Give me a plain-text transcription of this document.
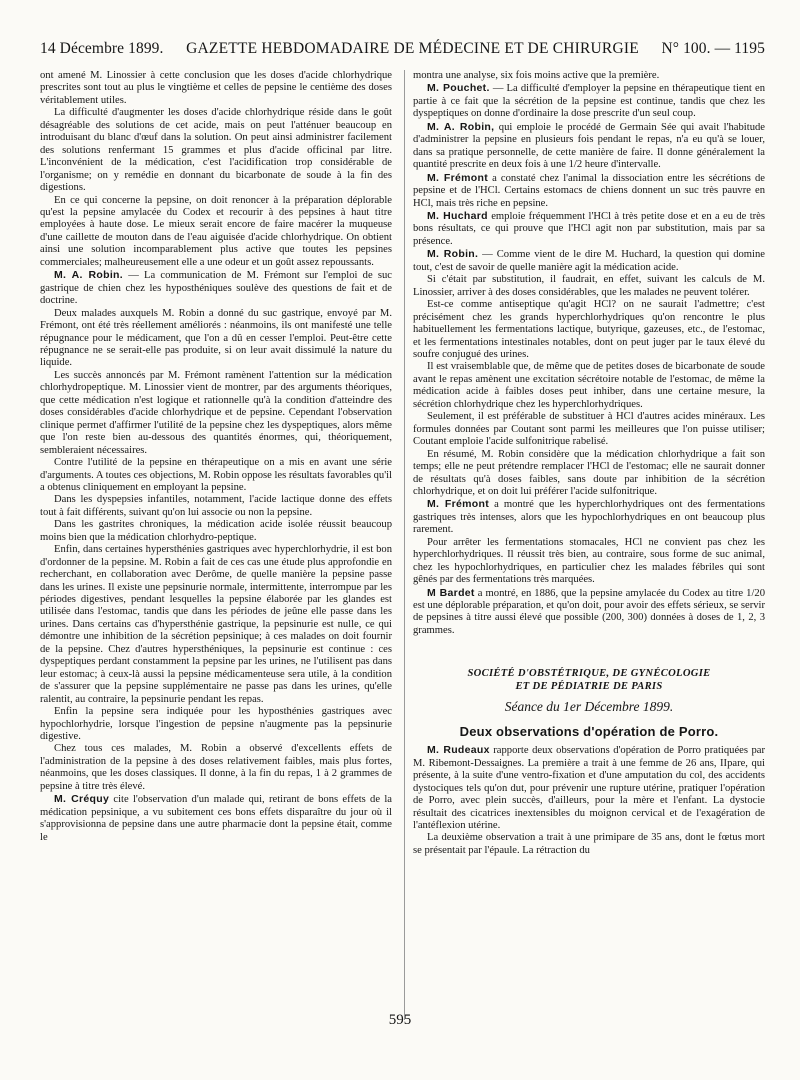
14 Décembre 1899. GAZETTE HEBDOMADAIRE DE MÉDECINE ET DE CHIRURGIE N° 100. — 1195

ont amené M. Linossier à cette conclusion que les doses d'acide chlorhydrique prescrites sont tout au plus le vingtième et celles de pepsine le centième des doses véritablement utiles.

La difficulté d'augmenter les doses d'acide chlorhydrique réside dans le goût désagréable des solutions de cet acide, mais on peut l'atténuer beaucoup en introduisant du blanc d'œuf dans la solution. On peut ainsi administrer facilement des solutions renfermant 15 grammes et plus d'acide officinal par litre. L'inconvénient de la médication, c'est l'acidification trop considérable de l'organisme; on y remédie en donnant du bicarbonate de soude à la fin des digestions.

En ce qui concerne la pepsine, on doit renoncer à la préparation déplorable qu'est la pepsine amylacée du Codex et recourir à des pepsines à haut titre employées à haute dose. Le mieux serait encore de faire macérer la muqueuse d'une caillette de mouton dans de l'eau aiguisée d'acide chlorhydrique. On obtient ainsi une solution incomparablement plus active que toutes les pepsines commerciales; malheureusement elle a une odeur et un goût assez repoussants.

M. A. Robin. — La communication de M. Frémont sur l'emploi de suc gastrique de chien chez les hyposthéniques soulève des questions de fait et de doctrine.

Deux malades auxquels M. Robin a donné du suc gastrique, envoyé par M. Frémont, ont été très réellement améliorés : néanmoins, ils ont manifesté une telle répugnance pour le médicament, que l'on a dû en cesser l'emploi. Peut-être cette répugnance ne se serait-elle pas produite, si on leur avait dissimulé la nature du liquide.

Les succès annoncés par M. Frémont ramènent l'attention sur la médication chlorhydropeptique. M. Linossier vient de montrer, par des arguments théoriques, que cette médication n'est logique et rationnelle qu'à la condition d'atteindre des doses considérables d'acide chlorhydrique et de pepsine. Cependant l'observation clinique permet d'affirmer l'utilité de la pepsine chez les dyspeptiques, alors même que l'on reste bien au-dessous des quantités énormes, qui, théoriquement, sembleraient nécessaires.

Contre l'utilité de la pepsine en thérapeutique on a mis en avant une série d'arguments. A toutes ces objections, M. Robin oppose les résultats favorables qu'il a obtenus cliniquement en employant la pepsine.

Dans les dyspepsies infantiles, notamment, l'acide lactique donne des effets tout à fait différents, suivant qu'on lui associe ou non la pepsine.

Dans les gastrites chroniques, la médication acide isolée réussit beaucoup moins bien que la médication chlorhydro-peptique.

Enfin, dans certaines hypersthénies gastriques avec hyperchlorhydrie, il est bon d'ordonner de la pepsine. M. Robin a fait de ces cas une étude plus approfondie en recherchant, en collaboration avec Derôme, de quelle manière la pepsine passe dans les urines. Il existe une pepsinurie normale, intermittente, interrompue par les périodes digestives, pendant lesquelles la pepsine élaborée par les glandes est utilisée dans l'estomac, tandis que dans les périodes de jeûne elle passe dans les urines. Dans certains cas d'hypersthénie gastrique, la pepsinurie est nulle, ce qui démontre une inhibition de la sécrétion pepsinique; à ces malades on doit fournir de la pepsine. Chez d'autres hypersthéniques, la pepsinurie est continue : ces dyspeptiques perdant constamment la pepsine par les urines, ne l'utilisent pas dans leur estomac; à ceux-là aussi la pepsine médicamenteuse sera utile, à la condition de s'assurer que la pepsine supplémentaire ne passe pas dans les urines, qu'elle ralentit, au contraire, la pepsinurie pendant les repas.

Enfin la pepsine sera indiquée pour les hyposthénies gastriques avec hypochlorhydrie, lorsque l'ingestion de pepsine n'augmente pas la pepsinurie digestive.

Chez tous ces malades, M. Robin a observé d'excellents effets de l'administration de la pepsine à des doses relativement faibles, mais plus fortes, néanmoins, que les doses classiques. Il donne, à la fin du repas, 1 à 2 grammes de pepsine à titre très élevé.

M. Créquy cite l'observation d'un malade qui, retirant de bons effets de la médication pepsinique, a vu subitement ces bons effets disparaître du jour où il s'approvisionna de pepsine dans une autre pharmacie dont la pepsine était, comme le

montra une analyse, six fois moins active que la première.

M. Pouchet. — La difficulté d'employer la pepsine en thérapeutique tient en partie à ce fait que la sécrétion de la pepsine est continue, tandis que chez les dyspeptiques on donne d'ordinaire la dose prescrite d'un seul coup.

M. A. Robin, qui emploie le procédé de Germain Sée qui avait l'habitude d'administrer la pepsine en plusieurs fois pendant le repas, n'a eu qu'à se louer, dans sa pratique personnelle, de cette manière de faire. Il donne généralement la quantité prescrite en deux fois à une 1/2 heure d'intervalle.

M. Frémont a constaté chez l'animal la dissociation entre les sécrétions de pepsine et de l'HCl. Certains estomacs de chiens donnent un suc très pauvre en HCl, mais très riche en pepsine.

M. Huchard emploie fréquemment l'HCl à très petite dose et en a eu de très bons résultats, ce qui prouve que l'HCl agit non par substitution, mais par sa présence.

M. Robin. — Comme vient de le dire M. Huchard, la question qui domine tout, c'est de savoir de quelle manière agit la médication acide.

Si c'était par substitution, il faudrait, en effet, suivant les calculs de M. Linossier, arriver à des doses considérables, que les malades ne peuvent tolérer.

Est-ce comme antiseptique qu'agit HCl? on ne saurait l'admettre; c'est précisément chez les grands hyperchlorhydriques qu'on rencontre le plus habituellement les fermentations lactique, butyrique, gazeuses, etc., de l'estomac, et les fermentations intestinales notables, dont on peut juger par le taux élevé du soufre conjugué des urines.

Il est vraisemblable que, de même que de petites doses de bicarbonate de soude avant le repas amènent une excitation sécrétoire notable de l'estomac, de même la médication acide à faibles doses peut inhiber, dans une certaine mesure, la sécrétion chlorhydrique chez les hyperchlorhydriques.

Seulement, il est préférable de substituer à HCl d'autres acides minéraux. Les formules données par Coutant sont parmi les meilleures que l'on puisse utiliser; Coutant emploie l'acide sulfonitrique rabelisé.

En résumé, M. Robin considère que la médication chlorhydrique a fait son temps; elle ne peut prétendre remplacer l'HCl de l'estomac; elle ne saurait donner de résultats qu'à doses faibles, sans doute par inhibition de la sécrétion chlorhydrique, et on doit lui préférer l'acide sulfonitrique.

M. Frémont a montré que les hyperchlorhydriques ont des fermentations gastriques très intenses, alors que les hypochlorhydriques en ont beaucoup plus rarement.

Pour arrêter les fermentations stomacales, HCl ne convient pas chez les hyperchlorhydriques. Il réussit très bien, au contraire, sous forme de suc animal, chez les hypochlorhydriques, en particulier chez les malades fébriles qui sont gênés par des fermentations très marquées.

M Bardet a montré, en 1886, que la pepsine amylacée du Codex au titre 1/20 est une déplorable préparation, et qu'on doit, pour avoir des effets sérieux, se servir de pepsines à titre aussi élevé que possible (200, 300) données à doses de 1, 2, 3 grammes.

SOCIÉTÉ D'OBSTÉTRIQUE, DE GYNÉCOLOGIE
ET DE PÉDIATRIE DE PARIS
Séance du 1er Décembre 1899.
Deux observations d'opération de Porro.

M. Rudeaux rapporte deux observations d'opération de Porro pratiquées par M. Ribemont-Dessaignes. La première a trait à une femme de 26 ans, IIpare, qui présente, à la suite d'une ventro-fixation et d'une amputation du col, des accidents dystociques tels qu'on dut, pour prévenir une rupture utérine, pratiquer l'opération de Porro, avec plein succès, d'ailleurs, pour la mère et l'enfant. La dystocie résultait des cicatrices inextensibles du moignon cervical et de l'exagération de l'antéflexion utérine.

La deuxième observation a trait à une primipare de 35 ans, dont le fœtus mort se présentait par l'épaule. La rétraction du

595
